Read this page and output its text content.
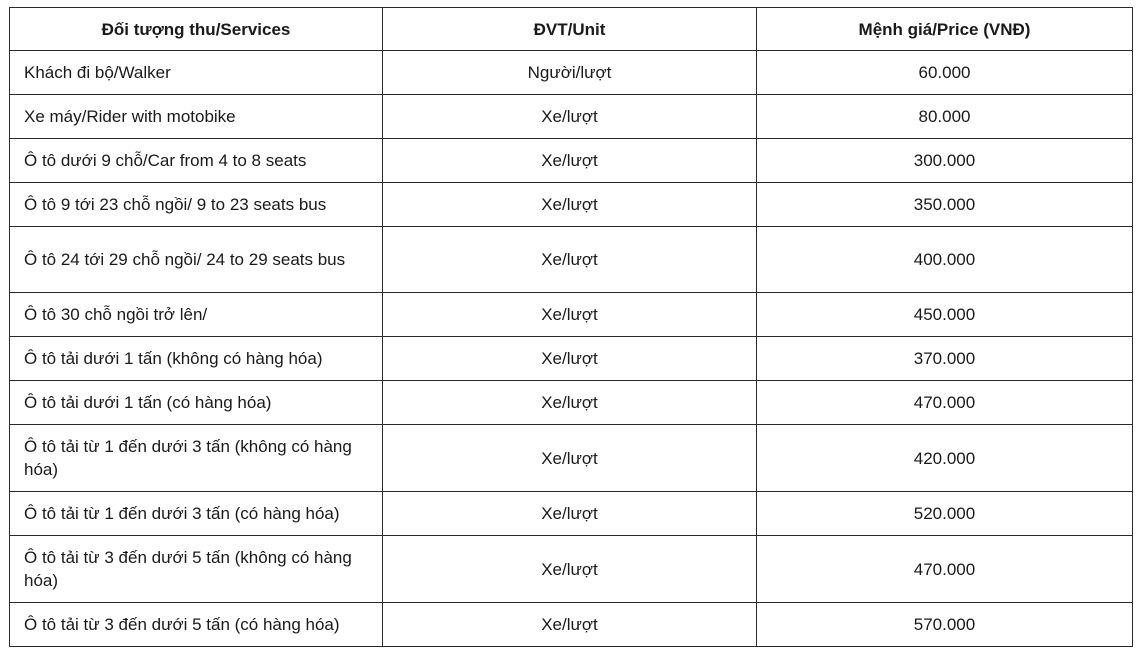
Đối tượng thu/Services	ĐVT/Unit	Mệnh giá/Price (VNĐ)
Khách đi bộ/Walker	Người/lượt	60.000
Xe máy/Rider with motobike	Xe/lượt	80.000
Ô tô dưới 9 chỗ/Car from 4 to 8 seats	Xe/lượt	300.000
Ô tô 9 tới 23 chỗ ngồi/ 9 to 23 seats bus	Xe/lượt	350.000
Ô tô 24 tới 29 chỗ ngồi/ 24 to 29 seats bus	Xe/lượt	400.000
Ô tô 30 chỗ ngồi trở lên/	Xe/lượt	450.000
Ô tô tải dưới 1 tấn (không có hàng hóa)	Xe/lượt	370.000
Ô tô tải dưới 1 tấn (có hàng hóa)	Xe/lượt	470.000
Ô tô tải từ 1 đến dưới 3 tấn (không có hàng hóa)	Xe/lượt	420.000
Ô tô tải từ 1 đến dưới 3 tấn (có hàng hóa)	Xe/lượt	520.000
Ô tô tải từ 3 đến dưới 5 tấn (không có hàng hóa)	Xe/lượt	470.000
Ô tô tải từ 3 đến dưới 5 tấn (có hàng hóa)	Xe/lượt	570.000
